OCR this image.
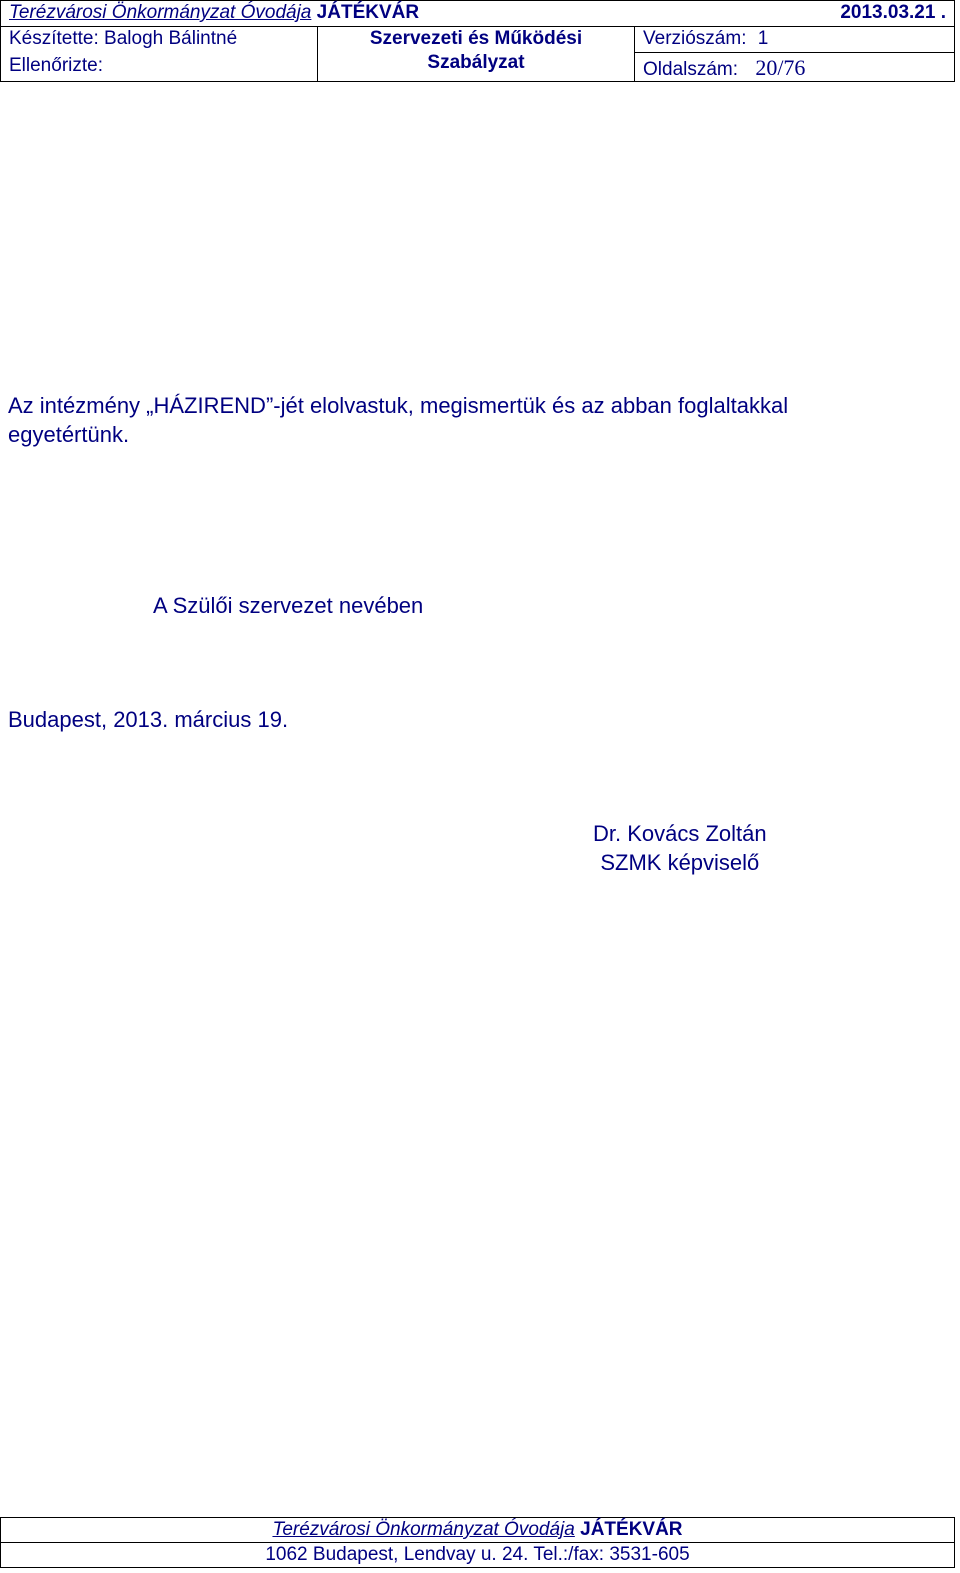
Terézvárosi Önkormányzat Óvodája JÁTÉKVÁR	2013.03.21 .

Készítette: Balogh Bálintné
Ellenőrizte:

Szervezeti és Működési
Szabályzat

Verziószám: 1
Oldalszám: 20/76
Az intézmény „HÁZIREND”-jét elolvastuk, megismertük és az abban foglaltakkal
egyetértünk.
A Szülői szervezet nevében
Budapest, 2013. március 19.
Dr. Kovács Zoltán
SZMK képviselő
Terézvárosi Önkormányzat Óvodája JÁTÉKVÁR
1062 Budapest, Lendvay u. 24. Tel.:/fax: 3531-605
